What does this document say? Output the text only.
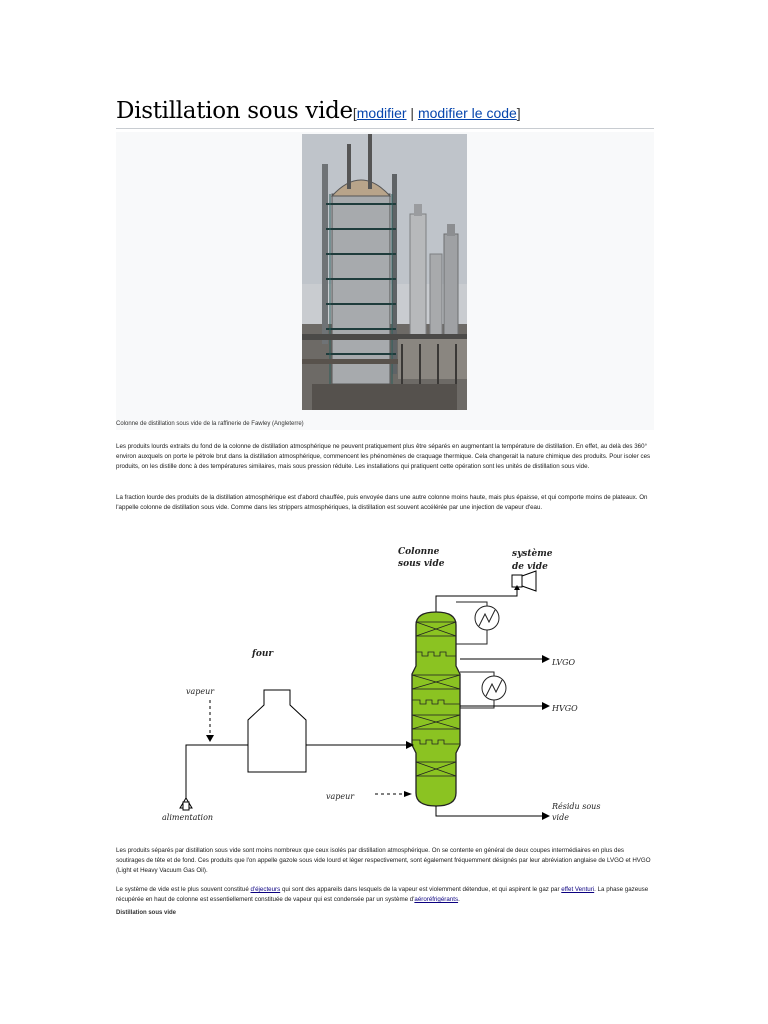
Distillation sous vide[modifier | modifier le code]
Colonne de distillation sous vide de la raffinerie de Fawley (Angleterre)

Les produits lourds extraits du fond de la colonne de distillation atmosphérique ne peuvent pratiquement plus être séparés en augmentant la température de distillation. En effet, au delà des 360° environ auxquels on porte le pétrole brut dans la distillation atmosphérique, commencent les phénomènes de craquage thermique. Cela changerait la nature chimique des produits. Pour isoler ces produits, on les distille donc à des températures similaires, mais sous pression réduite. Les installations qui pratiquent cette opération sont les unités de distillation sous vide.

La fraction lourde des produits de la distillation atmosphérique est d'abord chauffée, puis envoyée dans une autre colonne moins haute, mais plus épaisse, et qui comporte moins de plateaux. On l'appelle colonne de distillation sous vide. Comme dans les strippers atmosphériques, la distillation est souvent accélérée par une injection de vapeur d'eau.

Colonne
sous vide
système
de vide
four
vapeur
vapeur
alimentation
LVGO
HVGO
Résidu sous
vide

Les produits séparés par distillation sous vide sont moins nombreux que ceux isolés par distillation atmosphérique. On se contente en général de deux coupes intermédiaires en plus des soutirages de tête et de fond. Ces produits que l'on appelle gazole sous vide lourd et léger respectivement, sont également fréquemment désignés par leur abréviation anglaise de LVGO et HVGO (Light et Heavy Vacuum Gas Oil).

Le système de vide est le plus souvent constitué d'éjecteurs qui sont des appareils dans lesquels de la vapeur est violemment détendue, et qui aspirent le gaz par effet Venturi. La phase gazeuse récupérée en haut de colonne est essentiellement constituée de vapeur qui est condensée par un système d'aéroréfrigérants.

Distillation sous vide
